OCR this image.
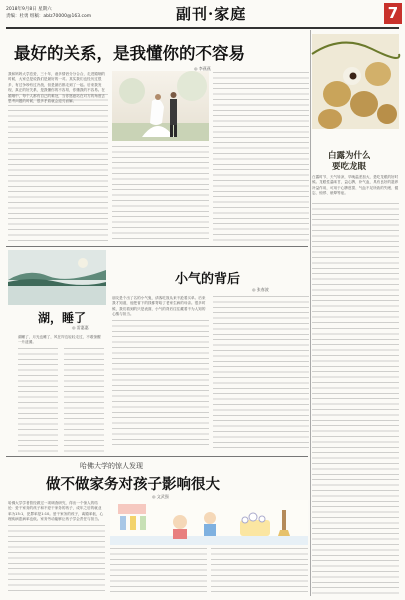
2018年9月8日 星期六
责编：杜勇 组稿：ablz70000@163.com	副刊·家庭	7
最好的关系，是我懂你的不容易
◎ 李燕燕
我和妈妈大学恋爱，三十年，诸多情侣分分合合，走进婚姻的时候，大家总是说我们是最好的一对。其实我们也经历过很多，有过争吵有过冷战，但是最后都走到了一起。后来我发现，真正的好关系，是我懂你的不容易，你懂我的不容易。在婚姻中，每个人都有自己的难处，当你愿意站在对方的角度去思考问题的时候，很多矛盾就会迎刃而解。
白露为什么
要吃龙眼
白露时节，天气转凉，早晚温差加大，是吃龙眼的好时候。龙眼性温味甘，益心脾，补气血，具有良好的滋养补益作用，可用于心脾虚损、气血不足所致的失眠、健忘、惊悸、眩晕等症。
湖，睡了
◎ 雷惠惠
湖睡了，月光也睡了，风在岸边轻轻走过，不敢惊醒一片涟漪。
小气的背后
◎ 张春波
朋友是个出了名的小气鬼，请客吃饭从来不抢着买单。后来我才知道，他把省下的钱都寄给了老家生病的母亲。很多时候，我们看到的只是表面，小气的背后往往藏着不为人知的心酸与担当。
哈佛大学的惊人发现
做不做家务对孩子影响很大
◎ 文武强
哈佛大学学者曾经做过一项调查研究，得出一个惊人的结论：爱干家务的孩子和不爱干家务的孩子，成年之后的就业率为15:1，犯罪率是1:10。爱干家务的孩子，离婚率低，心理疾病患病率也低。家务劳动能够让孩子学会责任与担当。
